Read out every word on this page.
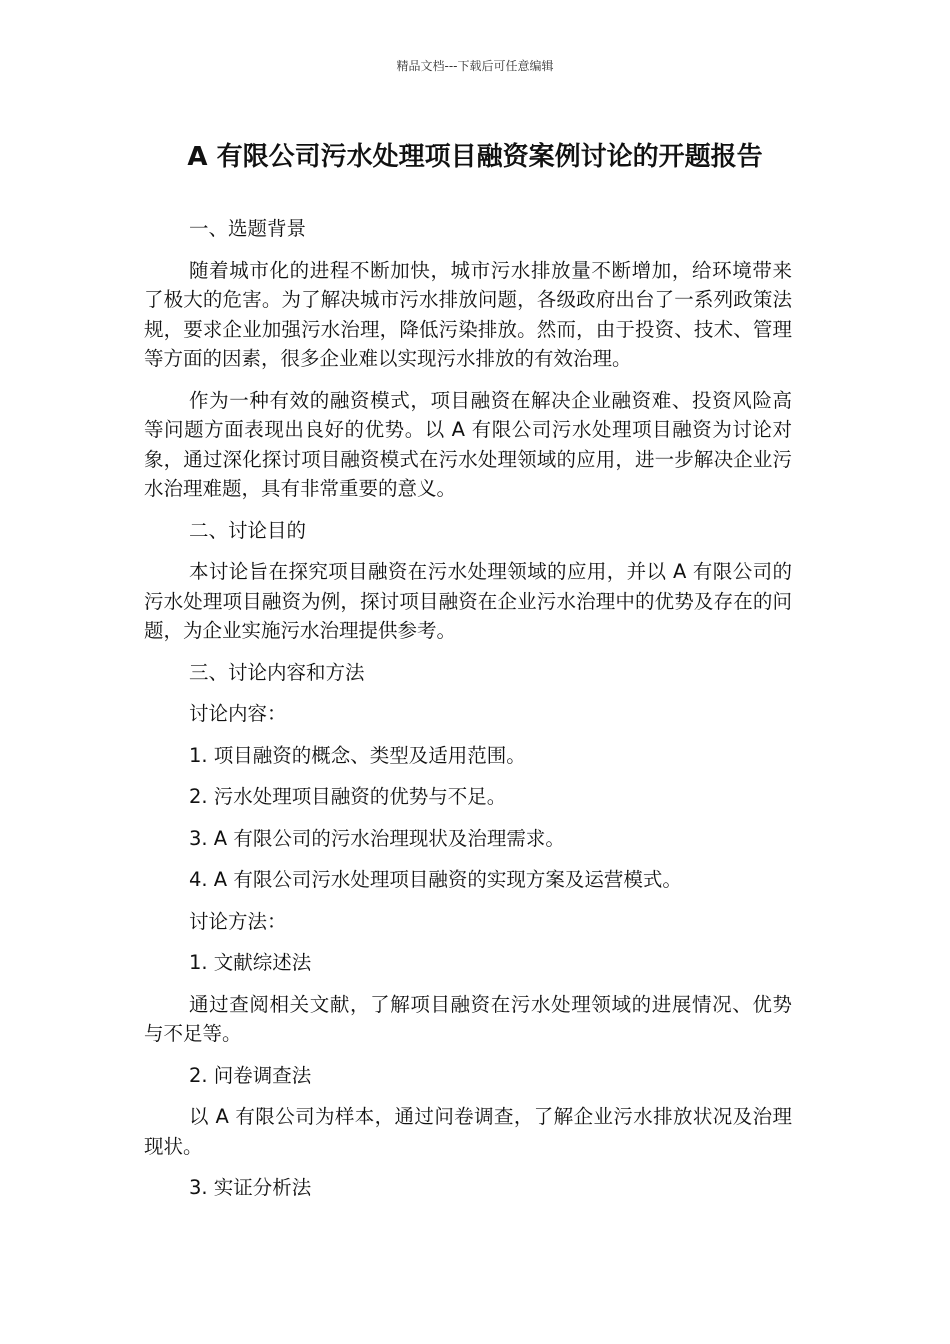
精品文档---下载后可任意编辑
A 有限公司污水处理项目融资案例讨论的开题报告

一、选题背景

随着城市化的进程不断加快，城市污水排放量不断增加，给环境带来了极大的危害。为了解决城市污水排放问题，各级政府出台了一系列政策法规，要求企业加强污水治理，降低污染排放。然而，由于投资、技术、管理等方面的因素，很多企业难以实现污水排放的有效治理。

作为一种有效的融资模式，项目融资在解决企业融资难、投资风险高等问题方面表现出良好的优势。以 A 有限公司污水处理项目融资为讨论对象，通过深化探讨项目融资模式在污水处理领域的应用，进一步解决企业污水治理难题，具有非常重要的意义。

二、讨论目的

本讨论旨在探究项目融资在污水处理领域的应用，并以 A 有限公司的污水处理项目融资为例，探讨项目融资在企业污水治理中的优势及存在的问题，为企业实施污水治理提供参考。

三、讨论内容和方法

讨论内容：

1. 项目融资的概念、类型及适用范围。

2. 污水处理项目融资的优势与不足。

3. A 有限公司的污水治理现状及治理需求。

4. A 有限公司污水处理项目融资的实现方案及运营模式。

讨论方法：

1. 文献综述法

通过查阅相关文献，了解项目融资在污水处理领域的进展情况、优势与不足等。

2. 问卷调查法

以 A 有限公司为样本，通过问卷调查，了解企业污水排放状况及治理现状。

3. 实证分析法
